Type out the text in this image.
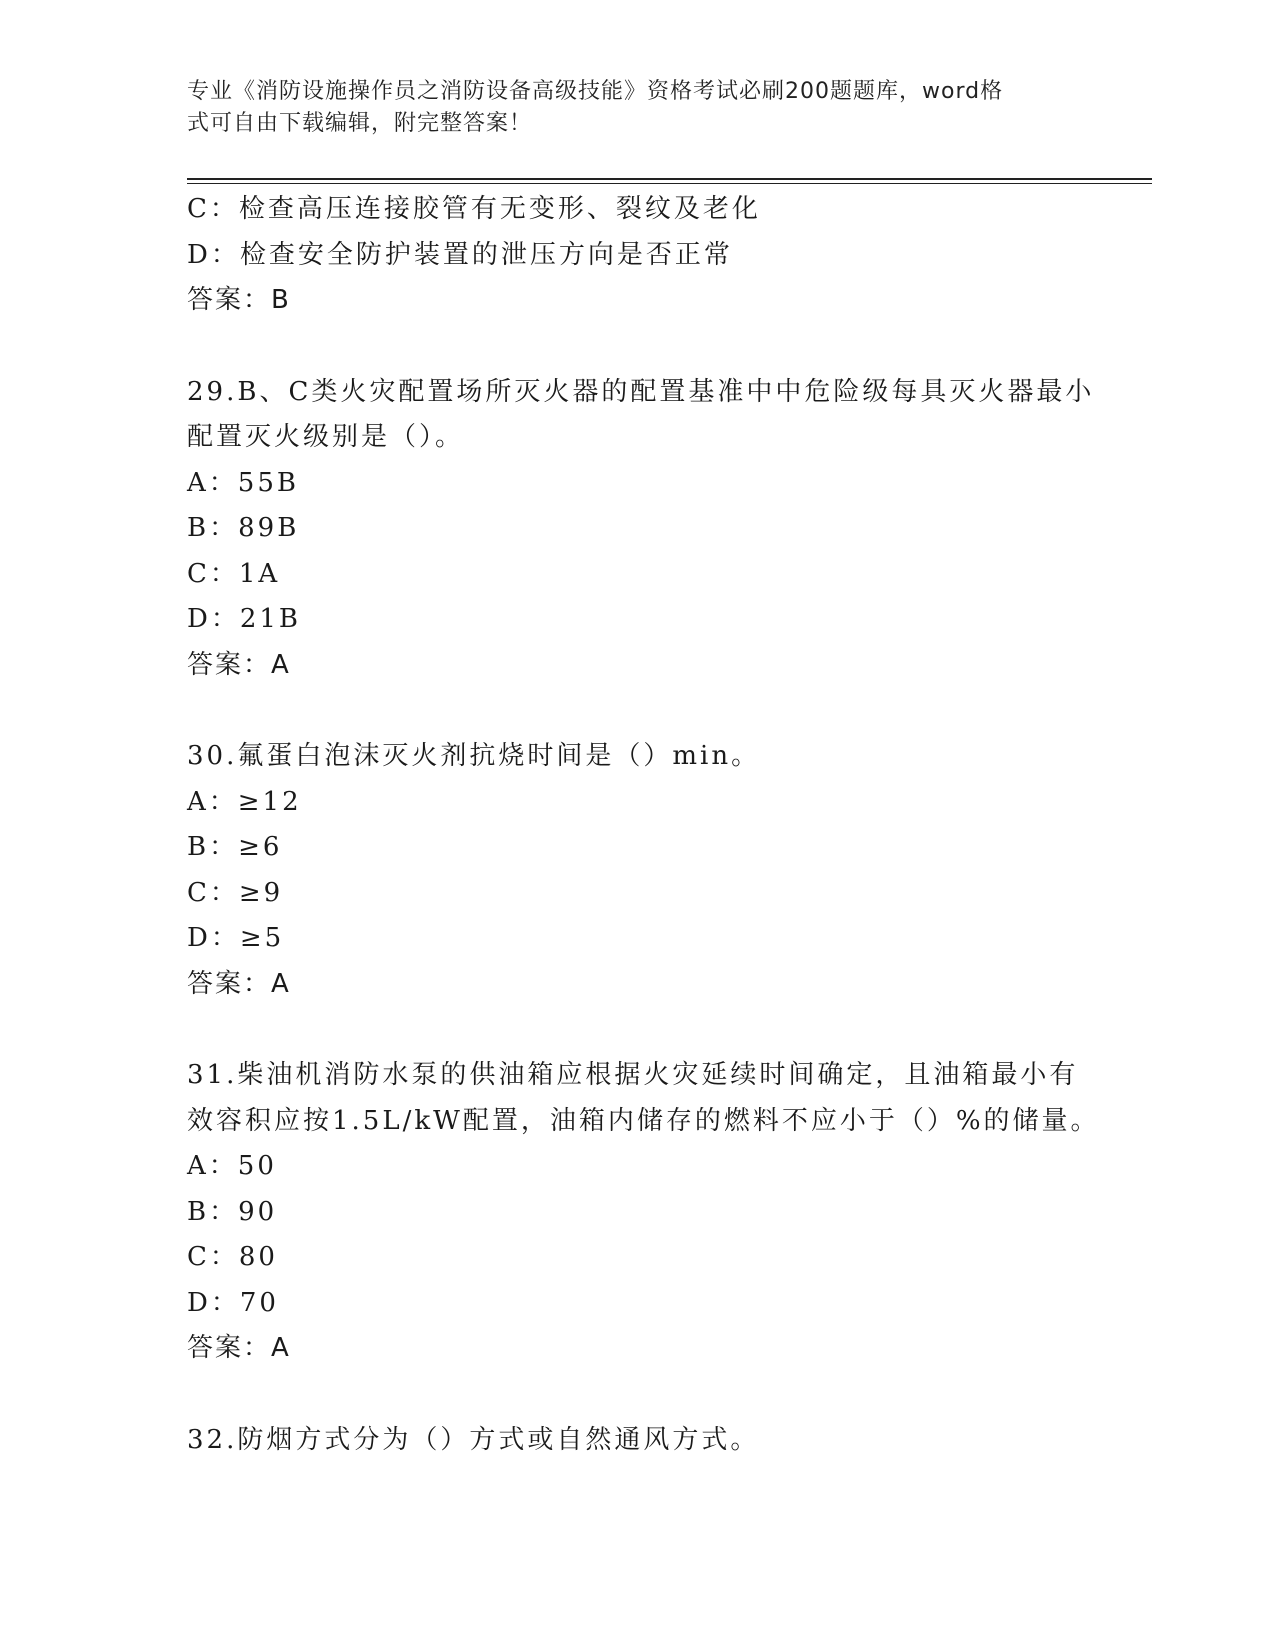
专业《消防设施操作员之消防设备高级技能》资格考试必刷200题题库，word格
式可自由下载编辑，附完整答案！
C：检查高压连接胶管有无变形、裂纹及老化
D：检查安全防护装置的泄压方向是否正常
答案：B
29.B、C类火灾配置场所灭火器的配置基准中中危险级每具灭火器最小
配置灭火级别是（）。
A：55B
B：89B
C：1A
D：21B
答案：A
30.氟蛋白泡沫灭火剂抗烧时间是（）min。
A：≥12
B：≥6
C：≥9
D：≥5
答案：A
31.柴油机消防水泵的供油箱应根据火灾延续时间确定，且油箱最小有
效容积应按1.5L/kW配置，油箱内储存的燃料不应小于（）%的储量。
A：50
B：90
C：80
D：70
答案：A
32.防烟方式分为（）方式或自然通风方式。
